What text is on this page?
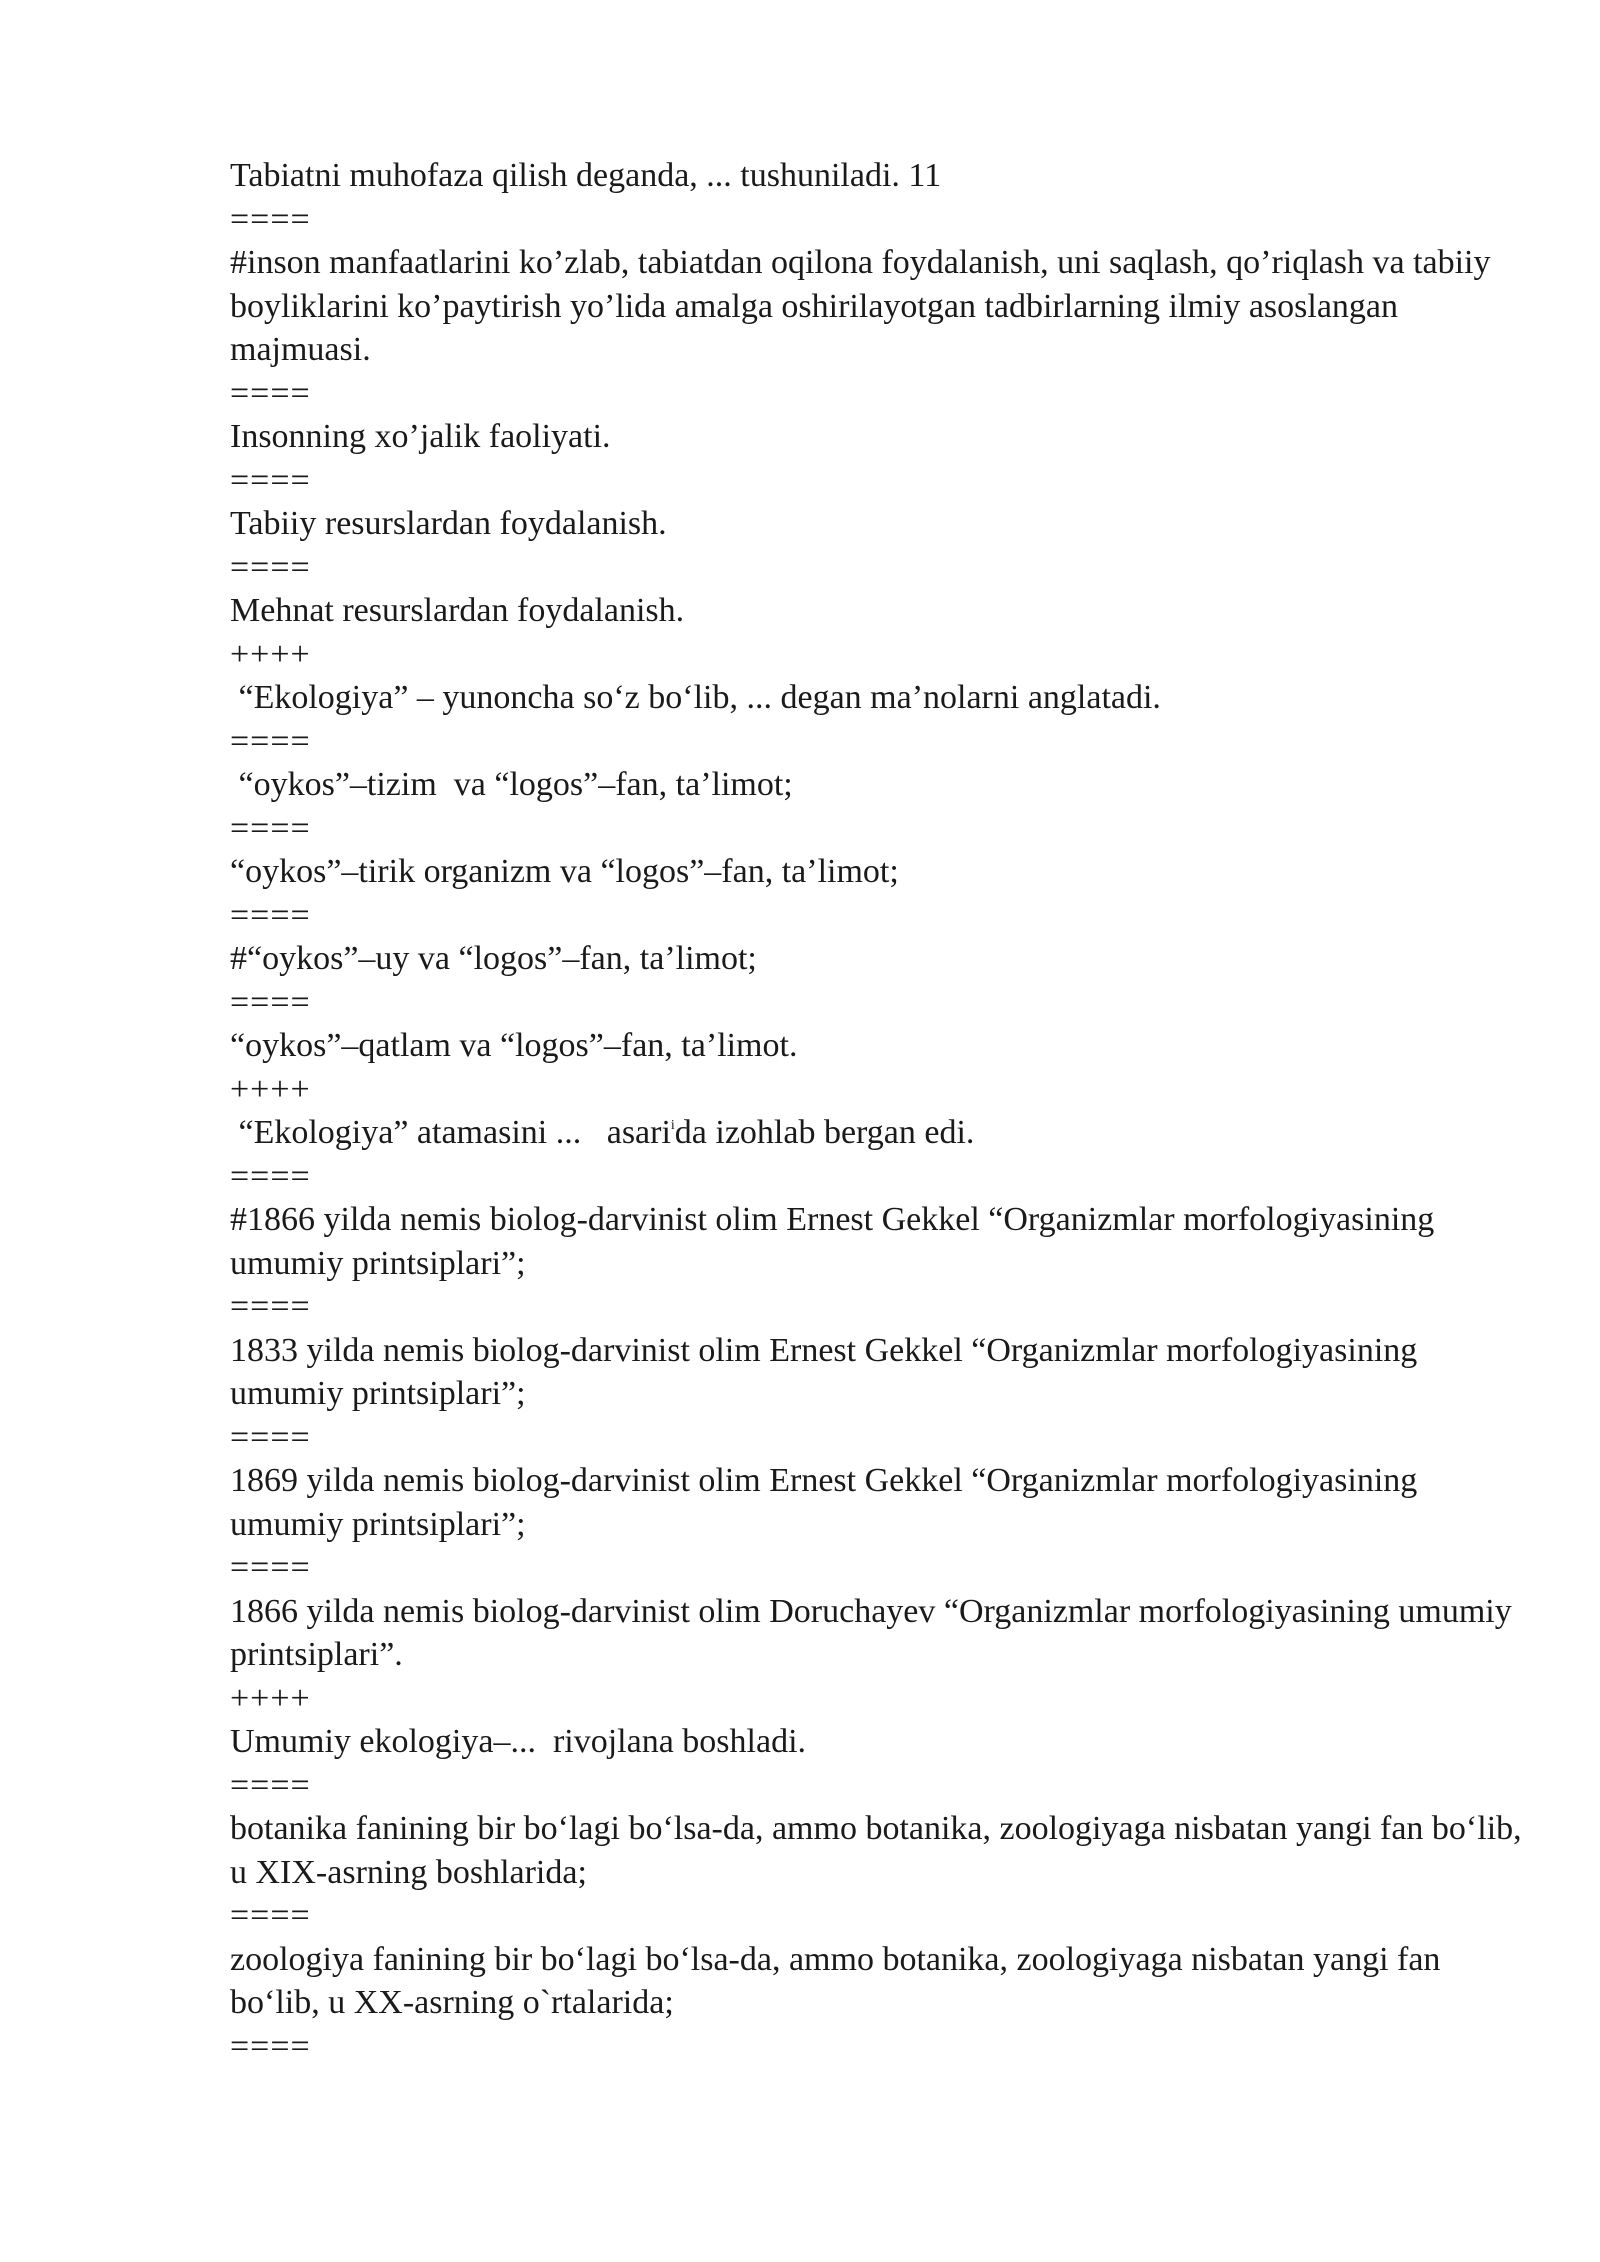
Tabiatni muhofaza qilish deganda, ... tushuniladi. 11
====
#inson manfaatlarini ko’zlab, tabiatdan oqilona foydalanish, uni saqlash, qo’riqlash va tabiiy boyliklarini ko’paytirish yo’lida amalga oshirilayotgan tadbirlarning ilmiy asoslangan majmuasi.
====
Insonning xo’jalik faoliyati.
====
Tabiiy resurslardan foydalanish.
====
Mehnat resurslardan foydalanish.
++++
“Ekologiya” – yunoncha so‘z bo‘lib, ... degan ma’nolarni anglatadi.
====
“oykos”–tizim  va “logos”–fan, ta’limot;
====
“oykos”–tirik organizm va “logos”–fan, ta’limot;
====
#“oykos”–uy va “logos”–fan, ta’limot;
====
“oykos”–qatlam va “logos”–fan, ta’limot.
++++
“Ekologiya” atamasini ...   asari$^i$da izohlab bergan edi.
====
#1866 yilda nemis biolog-darvinist olim Ernest Gekkel “Organizmlar morfologiyasining umumiy printsiplari”;
====
1833 yilda nemis biolog-darvinist olim Ernest Gekkel “Organizmlar morfologiyasining umumiy printsiplari”;
====
1869 yilda nemis biolog-darvinist olim Ernest Gekkel “Organizmlar morfologiyasining umumiy printsiplari”;
====
1866 yilda nemis biolog-darvinist olim Doruchayev “Organizmlar morfologiyasining umumiy printsiplari”.
++++
Umumiy ekologiya–...  rivojlana boshladi.
====
botanika fanining bir bo‘lagi bo‘lsa-da, ammo botanika, zoologiyaga nisbatan yangi fan bo‘lib, u XIX-asrning boshlarida;
====
zoologiya fanining bir bo‘lagi bo‘lsa-da, ammo botanika, zoologiyaga nisbatan yangi fan bo‘lib, u XX-asrning o`rtalarida;
====
